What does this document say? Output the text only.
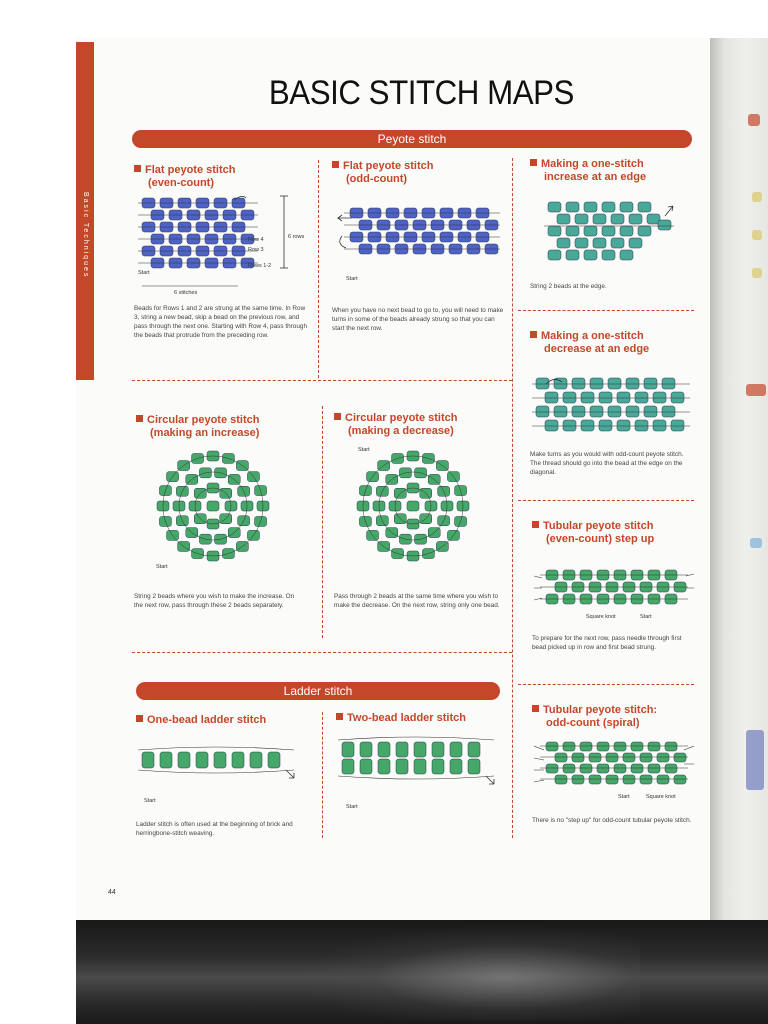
Basic Techniques
BASIC STITCH MAPS
Peyote stitch
Flat peyote stitch
(even-count)
Row 4
Row 3
Rows 1-2
6 rows
Start
6 stitches
Beads for Rows 1 and 2 are strung at the same time. In Row 3, string a new bead, skip a bead on the previous row, and pass through the next one. Starting with Row 4, pass through the beads that protrude from the preceding row.
Flat peyote stitch
(odd-count)
Start
When you have no next bead to go to, you will need to make turns in some of the beads already strung so that you can start the next row.
Making a one-stitch
increase at an edge
String 2 beads at the edge.
Making a one-stitch
decrease at an edge
Make turns as you would with odd-count peyote stitch. The thread should go into the bead at the edge on the diagonal.
Circular peyote stitch
(making an increase)
Start
String 2 beads where you wish to make the increase. On the next row, pass through these 2 beads separately.
Circular peyote stitch
(making a decrease)
Start
Pass through 2 beads at the same time where you wish to make the decrease. On the next row, string only one bead.
Tubular peyote stitch
(even-count) step up
Square knot	Start
To prepare for the next row, pass needle through first bead picked up in row and first bead strung.
Tubular peyote stitch:
odd-count (spiral)
Start	Square knot
There is no "step up" for odd-count tubular peyote stitch.
Ladder stitch
One-bead ladder stitch
Start
Ladder stitch is often used at the beginning of brick and herringbone-stitch weaving.
Two-bead ladder stitch
Start
44
